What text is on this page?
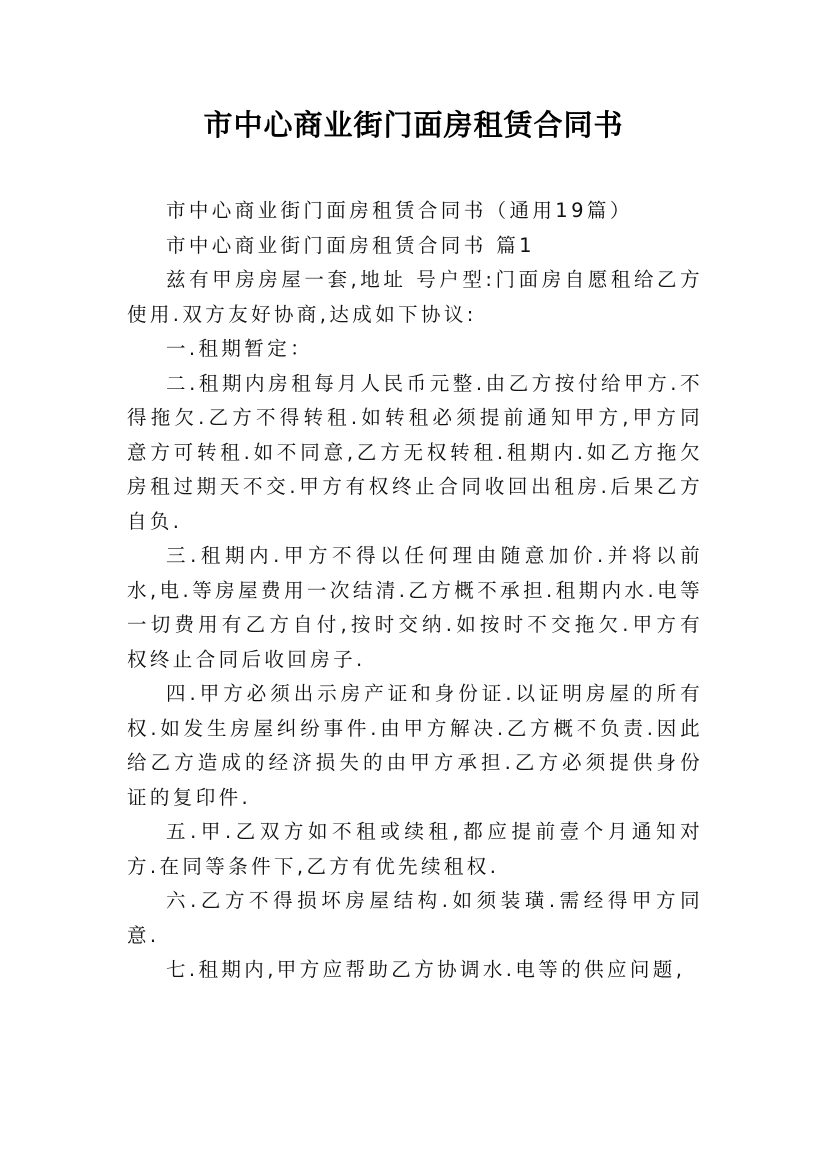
市中心商业街门面房租赁合同书

市中心商业街门面房租赁合同书（通用19篇）

市中心商业街门面房租赁合同书 篇1

兹有甲房房屋一套,地址 号户型:门面房自愿租给乙方使用.双方友好协商,达成如下协议:

一.租期暂定：

二.租期内房租每月人民币元整.由乙方按付给甲方.不得拖欠.乙方不得转租.如转租必须提前通知甲方,甲方同意方可转租.如不同意,乙方无权转租.租期内.如乙方拖欠房租过期天不交.甲方有权终止合同收回出租房.后果乙方自负.

三.租期内.甲方不得以任何理由随意加价.并将以前水,电.等房屋费用一次结清.乙方概不承担.租期内水.电等一切费用有乙方自付,按时交纳.如按时不交拖欠.甲方有权终止合同后收回房子.

四.甲方必须出示房产证和身份证.以证明房屋的所有权.如发生房屋纠纷事件.由甲方解决.乙方概不负责.因此给乙方造成的经济损失的由甲方承担.乙方必须提供身份证的复印件.

五.甲.乙双方如不租或续租,都应提前壹个月通知对方.在同等条件下,乙方有优先续租权.

六.乙方不得损坏房屋结构.如须装璜.需经得甲方同意.

七.租期内,甲方应帮助乙方协调水.电等的供应问题,
